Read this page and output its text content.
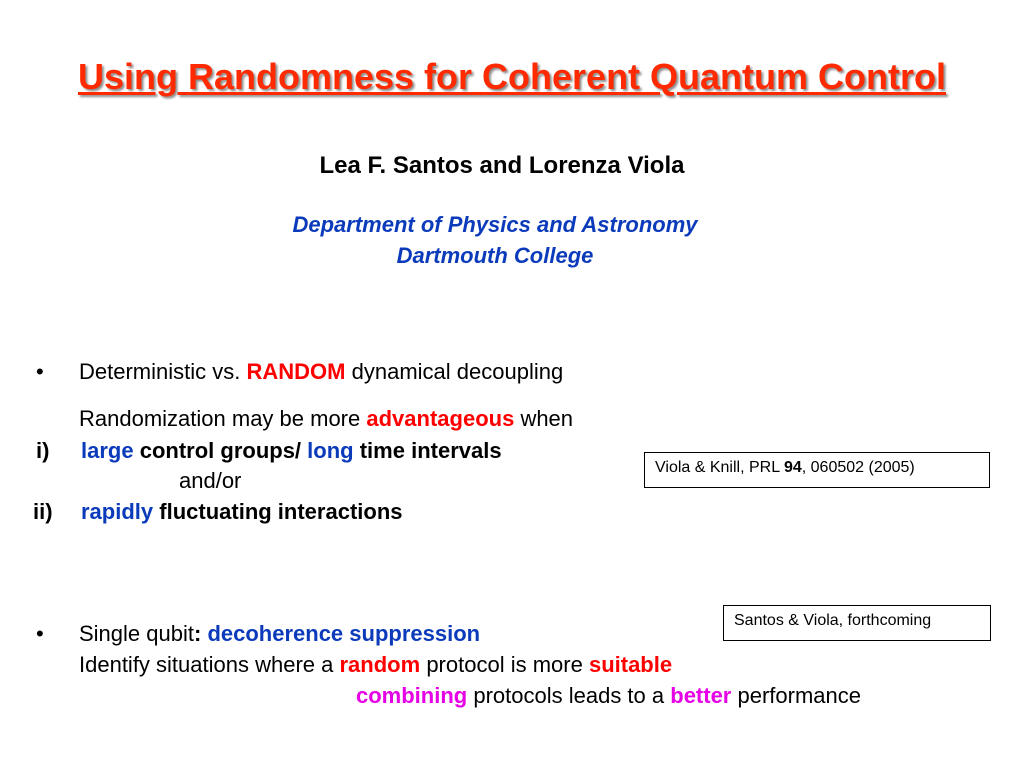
Using Randomness for Coherent Quantum Control
Lea F. Santos and Lorenza Viola
Department of Physics and Astronomy
Dartmouth College
• Deterministic vs. RANDOM dynamical decoupling
Randomization may be more advantageous when
i) large control groups/ long time intervals
and/or
ii) rapidly fluctuating interactions
Viola & Knill, PRL 94, 060502 (2005)
Santos & Viola, forthcoming
• Single qubit: decoherence suppression
Identify situations where a random protocol is more suitable
combining protocols leads to a better performance
